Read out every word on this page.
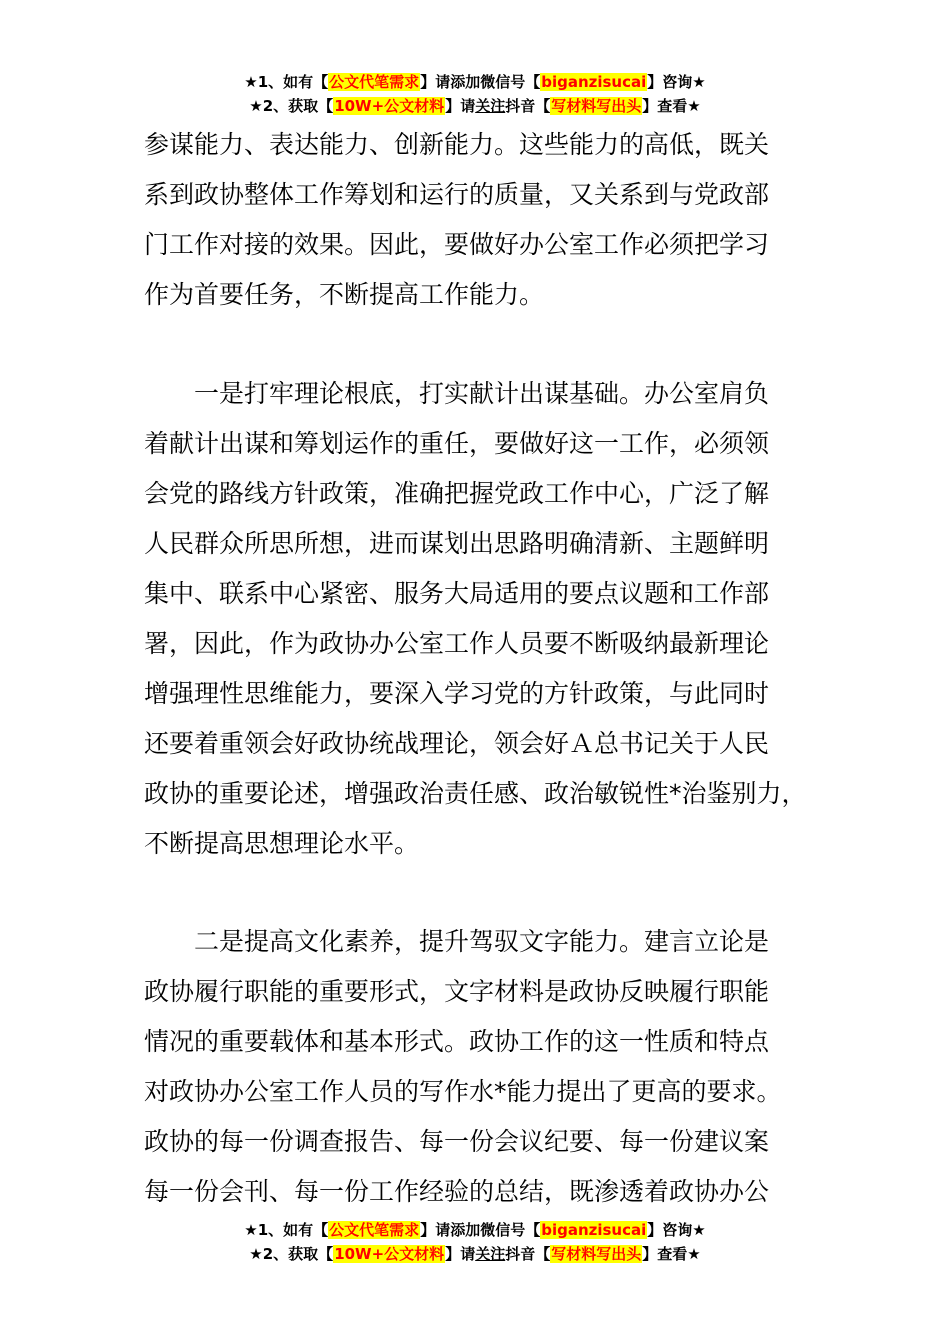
★1、如有【公文代笔需求】请添加微信号【biganzisucai】咨询★
★2、获取【10W+公文材料】请关注抖音【写材料写出头】查看★
参谋能力、表达能力、创新能力。这些能力的高低，既关
系到政协整体工作筹划和运行的质量，又关系到与党政部
门工作对接的效果。因此，要做好办公室工作必须把学习
作为首要任务，不断提高工作能力。
一是打牢理论根底，打实献计出谋基础。办公室肩负
着献计出谋和筹划运作的重任，要做好这一工作，必须领
会党的路线方针政策，准确把握党政工作中心，广泛了解
人民群众所思所想，进而谋划出思路明确清新、主题鲜明
集中、联系中心紧密、服务大局适用的要点议题和工作部
署，因此，作为政协办公室工作人员要不断吸纳最新理论
增强理性思维能力，要深入学习党的方针政策，与此同时
还要着重领会好政协统战理论，领会好Ａ总书记关于人民
政协的重要论述，增强政治责任感、政治敏锐性*治鉴别力，
不断提高思想理论水平。
二是提高文化素养，提升驾驭文字能力。建言立论是
政协履行职能的重要形式，文字材料是政协反映履行职能
情况的重要载体和基本形式。政协工作的这一性质和特点
对政协办公室工作人员的写作水*能力提出了更高的要求。
政协的每一份调查报告、每一份会议纪要、每一份建议案
每一份会刊、每一份工作经验的总结，既渗透着政协办公
★1、如有【公文代笔需求】请添加微信号【biganzisucai】咨询★
★2、获取【10W+公文材料】请关注抖音【写材料写出头】查看★
